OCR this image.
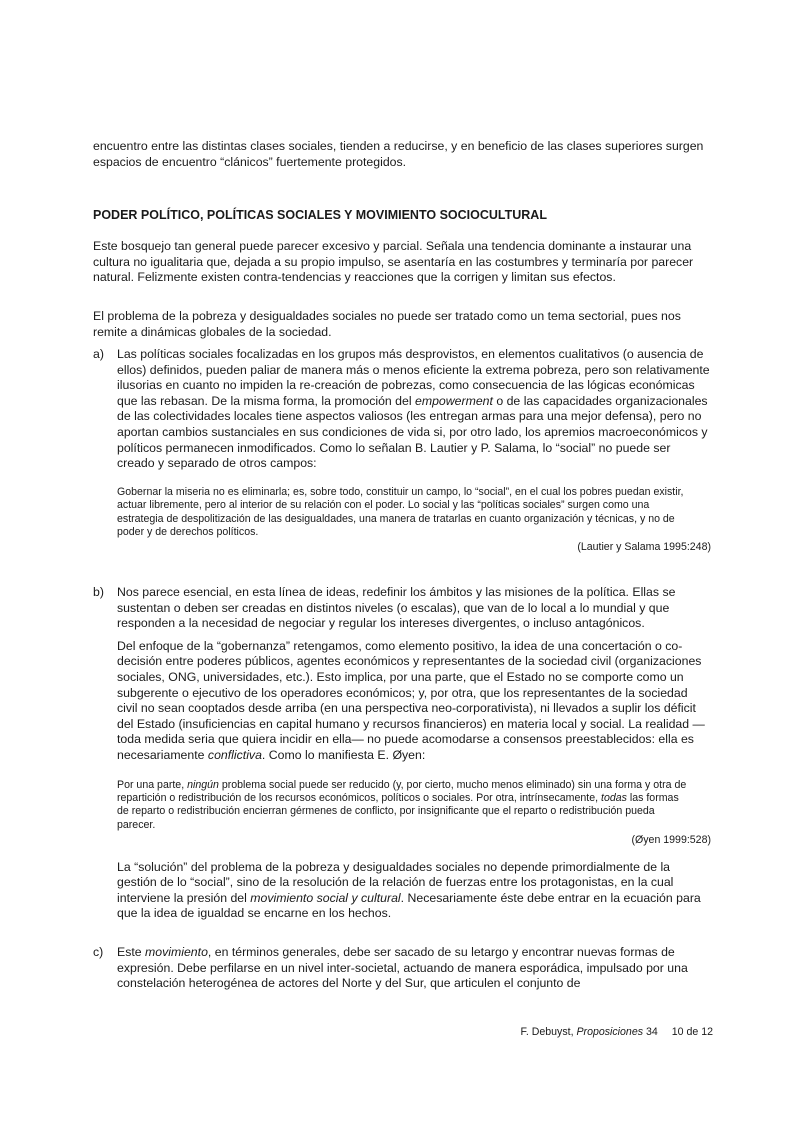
encuentro entre las distintas clases sociales, tienden a reducirse, y en beneficio de las clases superiores surgen espacios de encuentro “clánicos” fuertemente protegidos.

PODER POLÍTICO, POLÍTICAS SOCIALES Y MOVIMIENTO SOCIOCULTURAL

Este bosquejo tan general puede parecer excesivo y parcial. Señala una tendencia dominante a instaurar una cultura no igualitaria que, dejada a su propio impulso, se asentaría en las costumbres y terminaría por parecer natural. Felizmente existen contra-tendencias y reacciones que la corrigen y limitan sus efectos.

El problema de la pobreza y desigualdades sociales no puede ser tratado como un tema sectorial, pues nos remite a dinámicas globales de la sociedad.

a) Las políticas sociales focalizadas en los grupos más desprovistos, en elementos cualitativos (o ausencia de ellos) definidos, pueden paliar de manera más o menos eficiente la extrema pobreza, pero son relativamente ilusorias en cuanto no impiden la re-creación de pobrezas, como consecuencia de las lógicas económicas que las rebasan. De la misma forma, la promoción del empowerment o de las capacidades organizacionales de las colectividades locales tiene aspectos valiosos (les entregan armas para una mejor defensa), pero no aportan cambios sustanciales en sus condiciones de vida si, por otro lado, los apremios macroeconómicos y políticos permanecen inmodificados. Como lo señalan B. Lautier y P. Salama, lo “social” no puede ser creado y separado de otros campos:

Gobernar la miseria no es eliminarla; es, sobre todo, constituir un campo, lo “social”, en el cual los pobres puedan existir, actuar libremente, pero al interior de su relación con el poder. Lo social y las “políticas sociales” surgen como una estrategia de despolitización de las desigualdades, una manera de tratarlas en cuanto organización y técnicas, y no de poder y de derechos políticos.

(Lautier y Salama 1995:248)

b) Nos parece esencial, en esta línea de ideas, redefinir los ámbitos y las misiones de la política. Ellas se sustentan o deben ser creadas en distintos niveles (o escalas), que van de lo local a lo mundial y que responden a la necesidad de negociar y regular los intereses divergentes, o incluso antagónicos.

Del enfoque de la “gobernanza” retengamos, como elemento positivo, la idea de una concertación o co-decisión entre poderes públicos, agentes económicos y representantes de la sociedad civil (organizaciones sociales, ONG, universidades, etc.). Esto implica, por una parte, que el Estado no se comporte como un subgerente o ejecutivo de los operadores económicos; y, por otra, que los representantes de la sociedad civil no sean cooptados desde arriba (en una perspectiva neo-corporativista), ni llevados a suplir los déficit del Estado (insuficiencias en capital humano y recursos financieros) en materia local y social. La realidad —toda medida seria que quiera incidir en ella— no puede acomodarse a consensos preestablecidos: ella es necesariamente conflictiva. Como lo manifiesta E. Øyen:

Por una parte, ningún problema social puede ser reducido (y, por cierto, mucho menos eliminado) sin una forma y otra de repartición o redistribución de los recursos económicos, políticos o sociales. Por otra, intrínsecamente, todas las formas de reparto o redistribución encierran gérmenes de conflicto, por insignificante que el reparto o redistribución pueda parecer.

(Øyen 1999:528)

La “solución” del problema de la pobreza y desigualdades sociales no depende primordialmente de la gestión de lo “social”, sino de la resolución de la relación de fuerzas entre los protagonistas, en la cual interviene la presión del movimiento social y cultural. Necesariamente éste debe entrar en la ecuación para que la idea de igualdad se encarne en los hechos.

c) Este movimiento, en términos generales, debe ser sacado de su letargo y encontrar nuevas formas de expresión. Debe perfilarse en un nivel inter-societal, actuando de manera esporádica, impulsado por una constelación heterogénea de actores del Norte y del Sur, que articulen el conjunto de

F. Debuyst, Proposiciones 34 10 de 12
